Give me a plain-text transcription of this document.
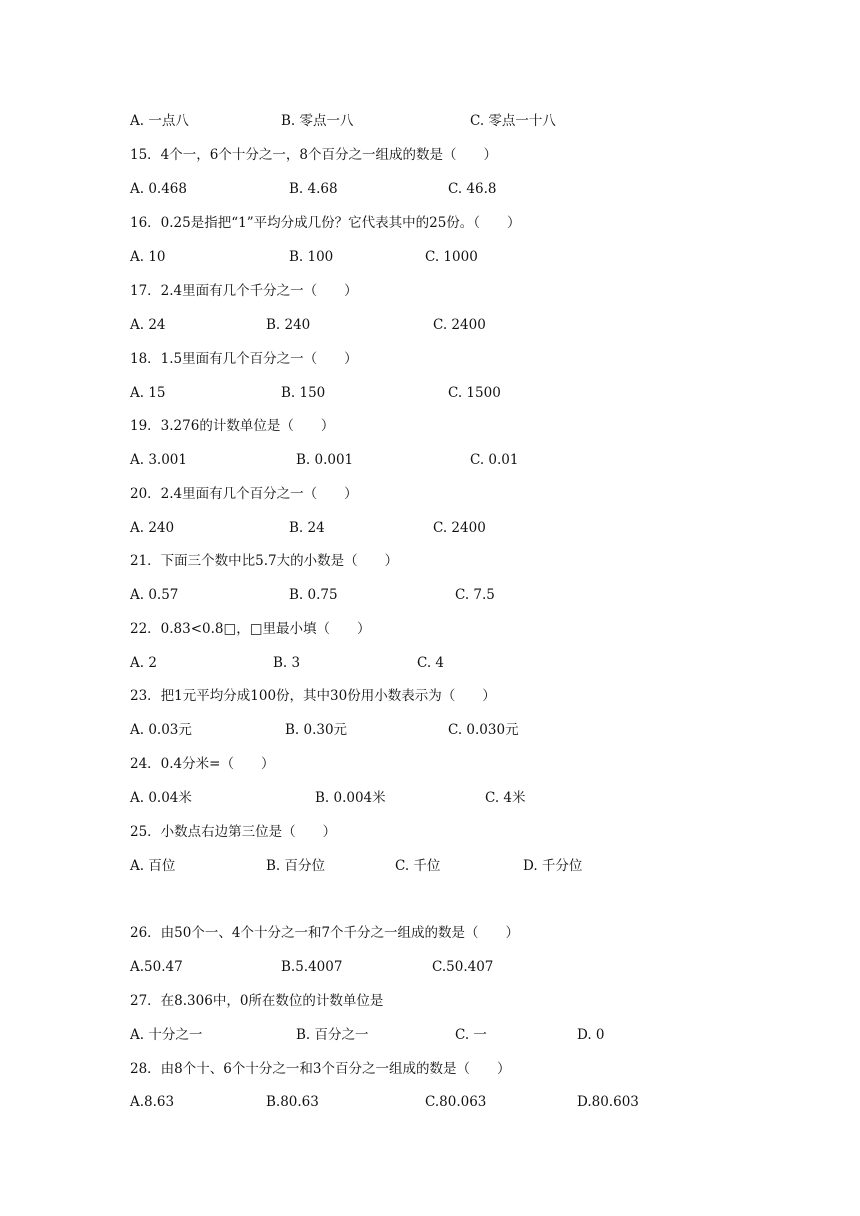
A. 一点八	B. 零点一八	C. 零点一十八
15．4个一，6个十分之一，8个百分之一组成的数是（　　）
A. 0.468	B. 4.68	C. 46.8
16．0.25是指把“1”平均分成几份？它代表其中的25份。（　　）
A. 10	B. 100	C. 1000
17．2.4里面有几个千分之一（　　）
A. 24	B. 240	C. 2400
18．1.5里面有几个百分之一（　　）
A. 15	B. 150	C. 1500
19．3.276的计数单位是（　　）
A. 3.001	B. 0.001	C. 0.01
20．2.4里面有几个百分之一（　　）
A. 240	B. 24	C. 2400
21．下面三个数中比5.7大的小数是（　　）
A. 0.57	B. 0.75	C. 7.5
22．0.83<0.8□，□里最小填（　　）
A. 2	B. 3	C. 4
23．把1元平均分成100份，其中30份用小数表示为（　　）
A. 0.03元	B. 0.30元	C. 0.030元
24．0.4分米=（　　）
A. 0.04米	B. 0.004米	C. 4米
25．小数点右边第三位是（　　）
A. 百位	B. 百分位	C. 千位	D. 千分位
26．由50个一、4个十分之一和7个千分之一组成的数是（　　）
A.50.47	B.5.4007	C.50.407
27．在8.306中，0所在数位的计数单位是
A. 十分之一	B. 百分之一	C. 一	D. 0
28．由8个十、6个十分之一和3个百分之一组成的数是（　　）
A.8.63	B.80.63	C.80.063	D.80.603
